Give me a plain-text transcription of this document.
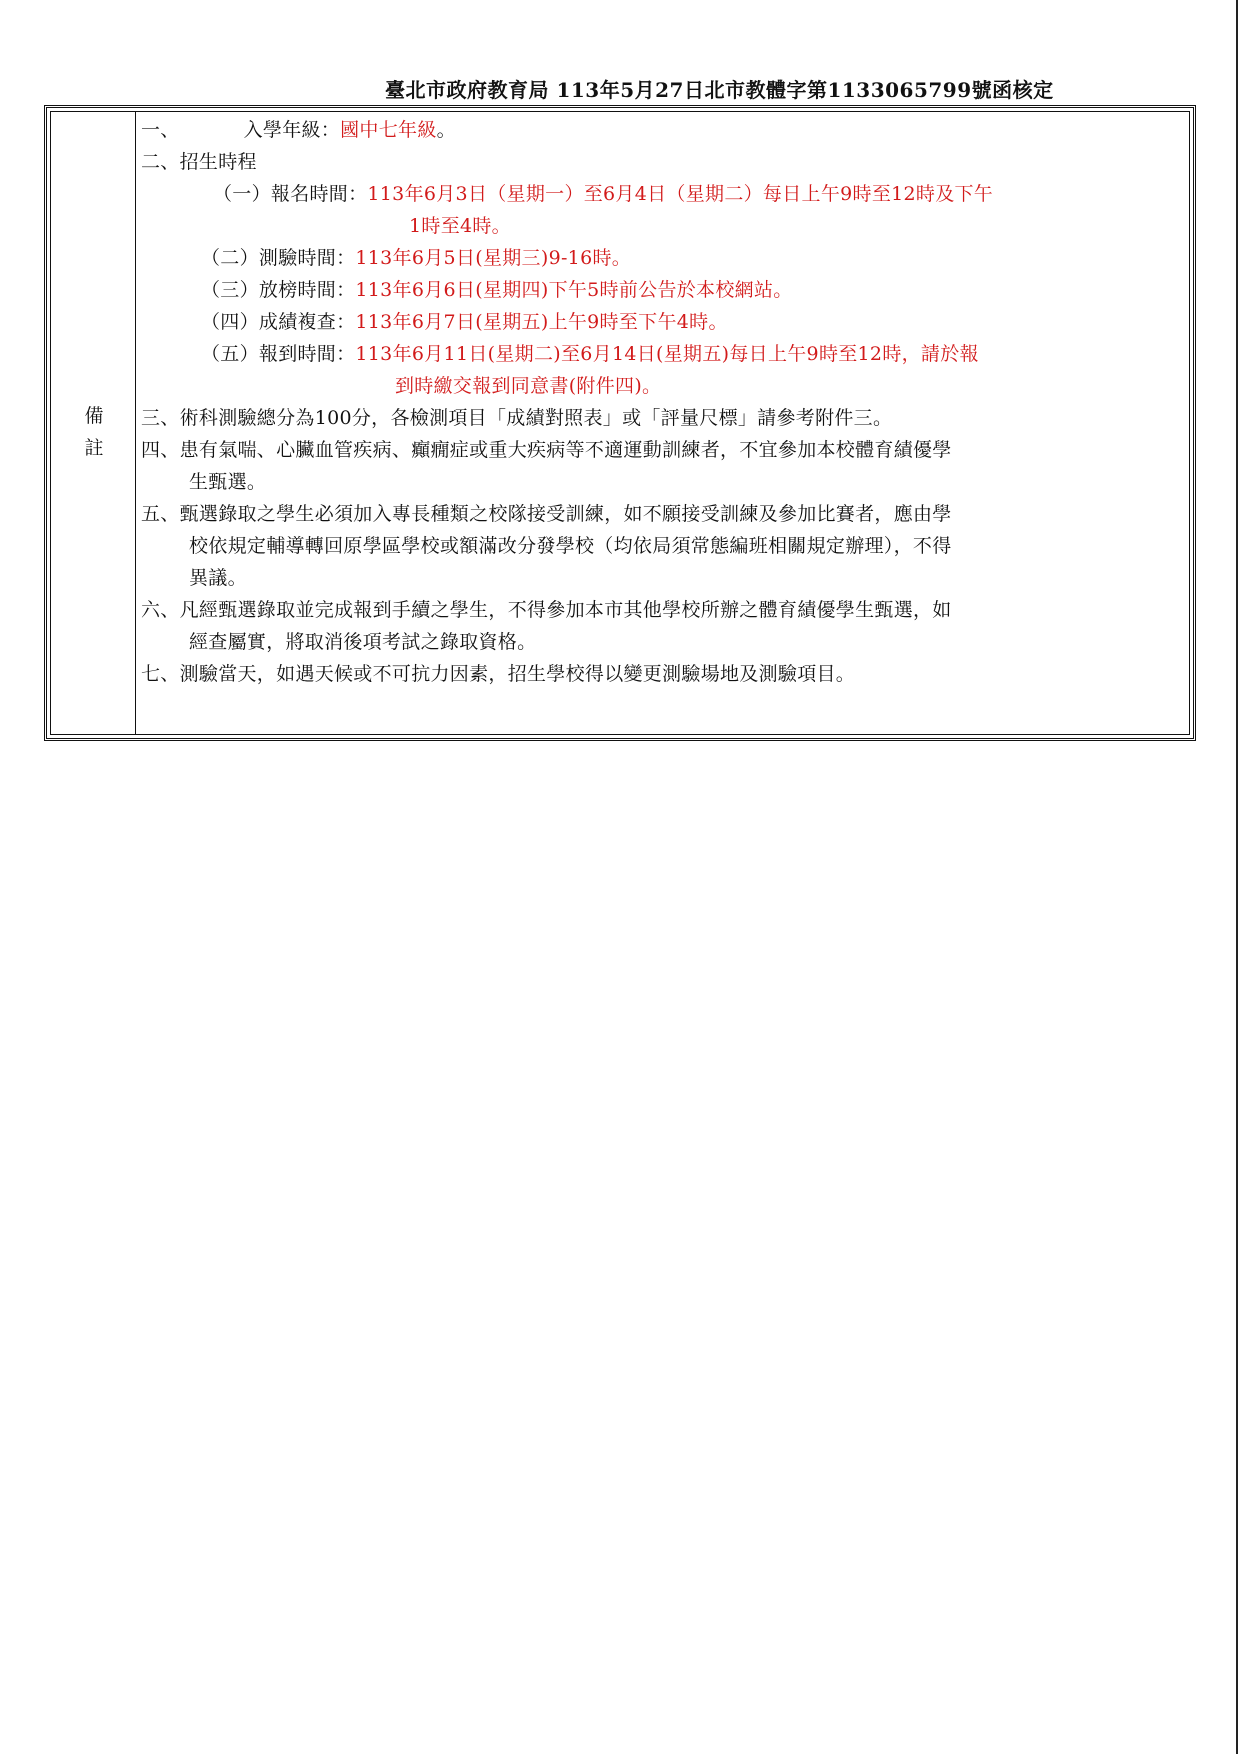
臺北市政府教育局 113年5月27日北市教體字第1133065799號函核定
備
註
一、	入學年級：國中七年級。
二、招生時程
（一）報名時間：113年6月3日（星期一）至6月4日（星期二）每日上午9時至12時及下午
1時至4時。
（二）測驗時間：113年6月5日(星期三)9-16時。
（三）放榜時間：113年6月6日(星期四)下午5時前公告於本校網站。
（四）成績複查：113年6月7日(星期五)上午9時至下午4時。
（五）報到時間：113年6月11日(星期二)至6月14日(星期五)每日上午9時至12時，請於報
到時繳交報到同意書(附件四)。
三、術科測驗總分為100分，各檢測項目「成績對照表」或「評量尺標」請參考附件三。
四、患有氣喘、心臟血管疾病、癲癇症或重大疾病等不適運動訓練者，不宜參加本校體育績優學
生甄選。
五、甄選錄取之學生必須加入專長種類之校隊接受訓練，如不願接受訓練及參加比賽者，應由學
校依規定輔導轉回原學區學校或額滿改分發學校（均依局須常態編班相關規定辦理），不得
異議。
六、凡經甄選錄取並完成報到手續之學生，不得參加本市其他學校所辦之體育績優學生甄選，如
經查屬實，將取消後項考試之錄取資格。
七、測驗當天，如遇天候或不可抗力因素，招生學校得以變更測驗場地及測驗項目。
